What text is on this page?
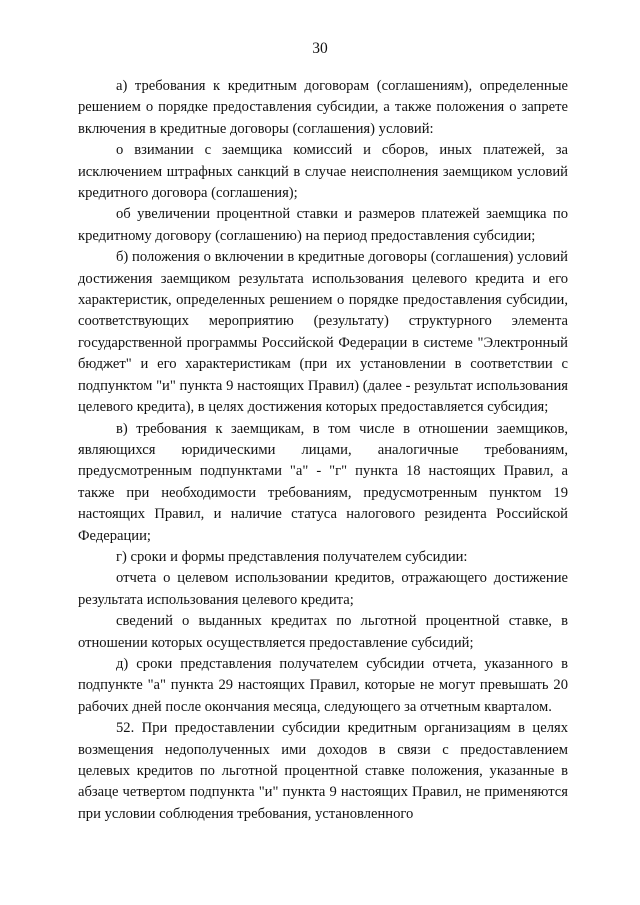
30

а) требования к кредитным договорам (соглашениям), определенные решением о порядке предоставления субсидии, а также положения о запрете включения в кредитные договоры (соглашения) условий:

о взимании с заемщика комиссий и сборов, иных платежей, за исключением штрафных санкций в случае неисполнения заемщиком условий кредитного договора (соглашения);

об увеличении процентной ставки и размеров платежей заемщика по кредитному договору (соглашению) на период предоставления субсидии;

б) положения о включении в кредитные договоры (соглашения) условий достижения заемщиком результата использования целевого кредита и его характеристик, определенных решением о порядке предоставления субсидии, соответствующих мероприятию (результату) структурного элемента государственной программы Российской Федерации в системе "Электронный бюджет" и его характеристикам (при их установлении в соответствии с подпунктом "и" пункта 9 настоящих Правил) (далее - результат использования целевого кредита), в целях достижения которых предоставляется субсидия;

в) требования к заемщикам, в том числе в отношении заемщиков, являющихся юридическими лицами, аналогичные требованиям, предусмотренным подпунктами "а" - "г" пункта 18 настоящих Правил, а также при необходимости требованиям, предусмотренным пунктом 19 настоящих Правил, и наличие статуса налогового резидента Российской Федерации;

г) сроки и формы представления получателем субсидии:

отчета о целевом использовании кредитов, отражающего достижение результата использования целевого кредита;

сведений о выданных кредитах по льготной процентной ставке, в отношении которых осуществляется предоставление субсидий;

д) сроки представления получателем субсидии отчета, указанного в подпункте "а" пункта 29 настоящих Правил, которые не могут превышать 20 рабочих дней после окончания месяца, следующего за отчетным кварталом.

52. При предоставлении субсидии кредитным организациям в целях возмещения недополученных ими доходов в связи с предоставлением целевых кредитов по льготной процентной ставке положения, указанные в абзаце четвертом подпункта "и" пункта 9 настоящих Правил, не применяются при условии соблюдения требования, установленного
